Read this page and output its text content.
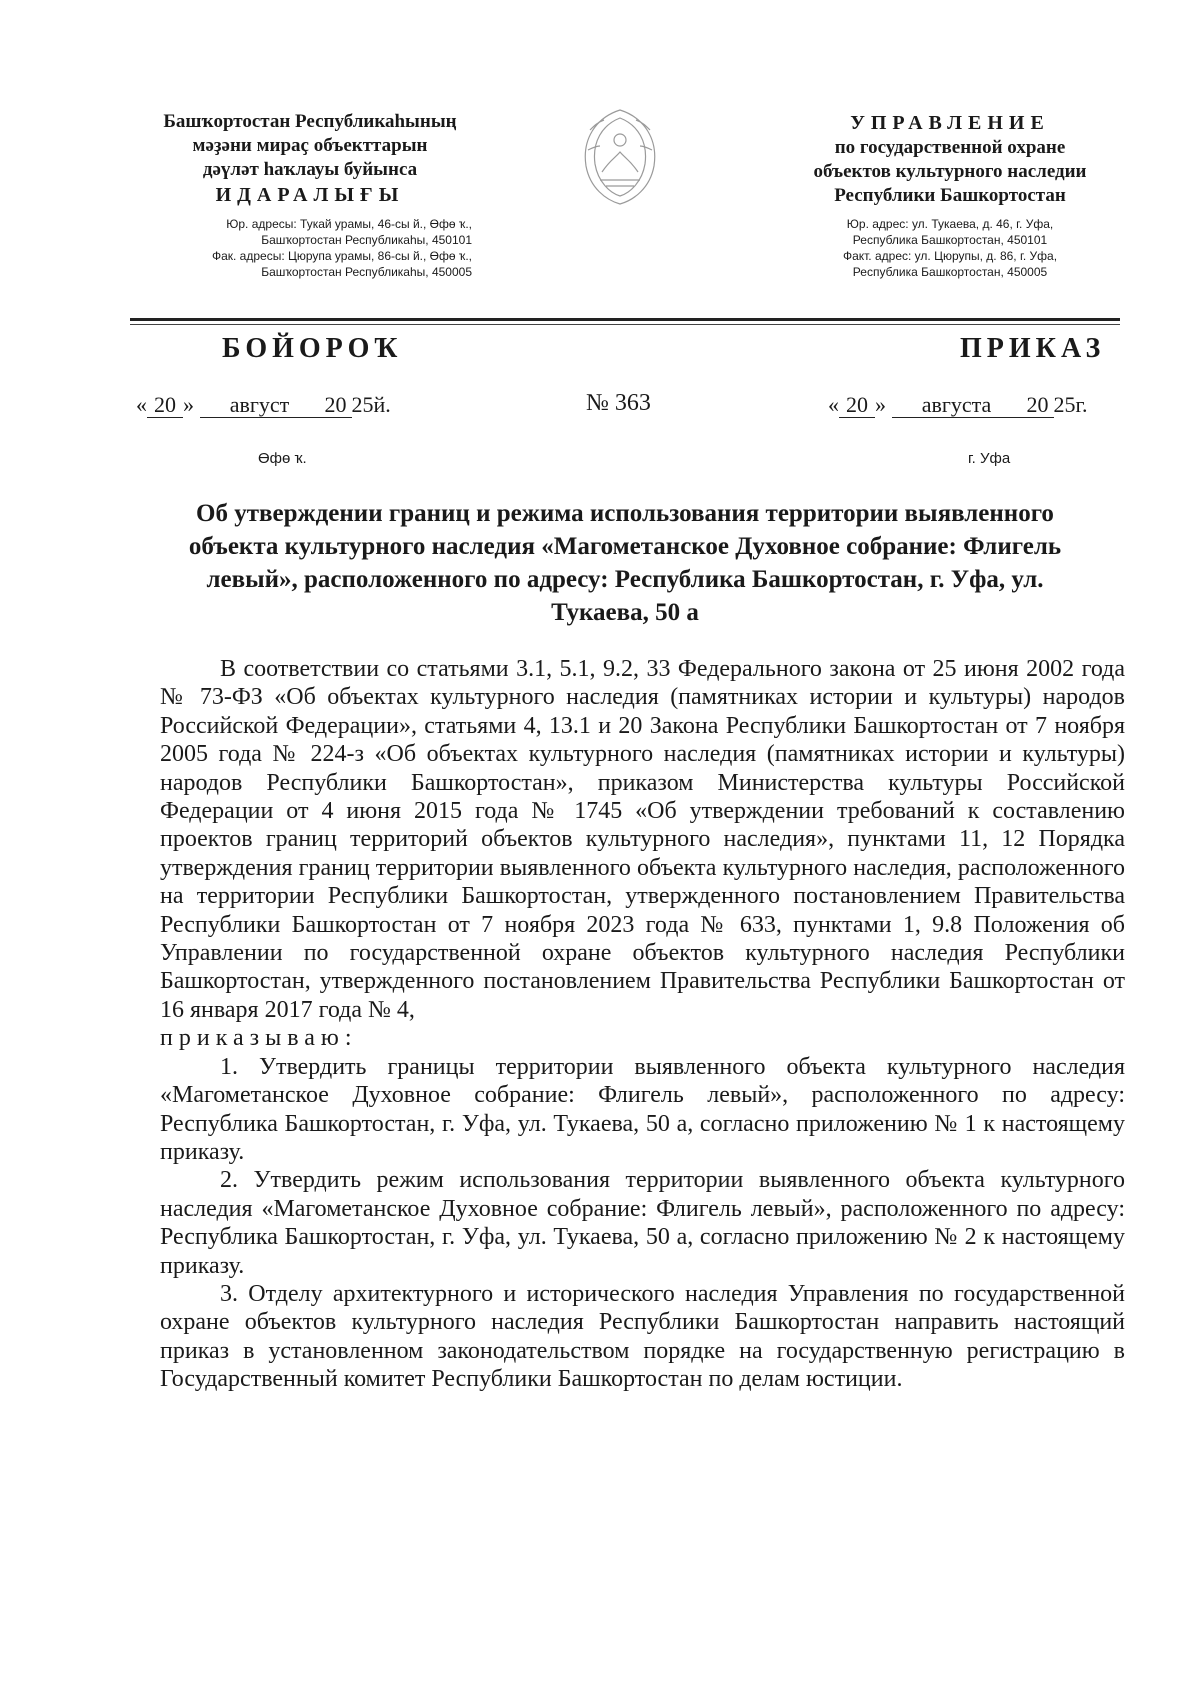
Башҡортостан Республикаһының
мәҙәни мираҫ объекттарын
дәүләт һаҡлауы буйынса
ИДАРАЛЫҒЫ
Юр. адресы: Тукай урамы, 46-сы й., Өфө ҡ.,
Башҡортостан Республикаһы, 450101
Фак. адресы: Цюрупа урамы, 86-сы й., Өфө ҡ.,
Башҡортостан Республикаһы, 450005
УПРАВЛЕНИЕ
по государственной охране
объектов культурного наследии
Республики Башкортостан
Юр. адрес: ул. Тукаева, д. 46, г. Уфа,
Республика Башкортостан, 450101
Факт. адрес: ул. Цюрупы, д. 86, г. Уфа,
Республика Башкортостан, 450005
БОЙОРОҠ	ПРИКАЗ
« 20 » август 20 25й.	№ 363	« 20 » августа 20 25г.
Өфө ҡ.	г. Уфа
Об утверждении границ и режима использования территории выявленного объекта культурного наследия «Магометанское Духовное собрание: Флигель левый», расположенного по адресу: Республика Башкортостан, г. Уфа, ул. Тукаева, 50 а

В соответствии со статьями 3.1, 5.1, 9.2, 33 Федерального закона от 25 июня 2002 года № 73-ФЗ «Об объектах культурного наследия (памятниках истории и культуры) народов Российской Федерации», статьями 4, 13.1 и 20 Закона Республики Башкортостан от 7 ноября 2005 года № 224-з «Об объектах культурного наследия (памятниках истории и культуры) народов Республики Башкортостан», приказом Министерства культуры Российской Федерации от 4 июня 2015 года № 1745 «Об утверждении требований к составлению проектов границ территорий объектов культурного наследия», пунктами 11, 12 Порядка утверждения границ территории выявленного объекта культурного наследия, расположенного на территории Республики Башкортостан, утвержденного постановлением Правительства Республики Башкортостан от 7 ноября 2023 года № 633, пунктами 1, 9.8 Положения об Управлении по государственной охране объектов культурного наследия Республики Башкортостан, утвержденного постановлением Правительства Республики Башкортостан от 16 января 2017 года № 4,

приказываю:

1. Утвердить границы территории выявленного объекта культурного наследия «Магометанское Духовное собрание: Флигель левый», расположенного по адресу: Республика Башкортостан, г. Уфа, ул. Тукаева, 50 а, согласно приложению № 1 к настоящему приказу.

2. Утвердить режим использования территории выявленного объекта культурного наследия «Магометанское Духовное собрание: Флигель левый», расположенного по адресу: Республика Башкортостан, г. Уфа, ул. Тукаева, 50 а, согласно приложению № 2 к настоящему приказу.

3. Отделу архитектурного и исторического наследия Управления по государственной охране объектов культурного наследия Республики Башкортостан направить настоящий приказ в установленном законодательством порядке на государственную регистрацию в Государственный комитет Республики Башкортостан по делам юстиции.
